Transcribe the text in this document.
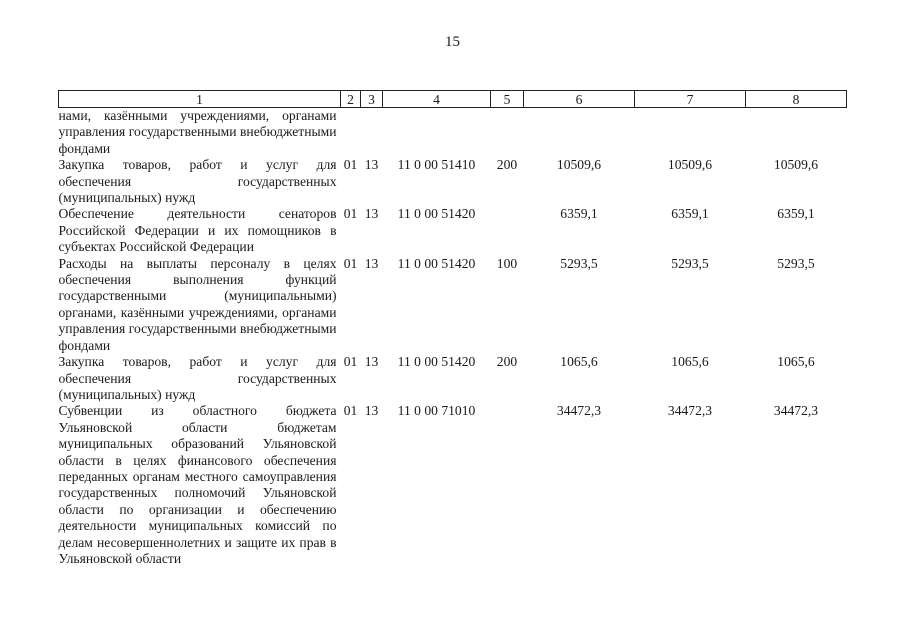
15
1	2	3	4	5	6	7	8
нами, казёнными учреждениями, органами управления государственными внебюджетными фондами							
Закупка товаров, работ и услуг для обеспечения государственных (муниципальных) нужд	01	13	11 0 00 51410	200	10509,6	10509,6	10509,6
Обеспечение деятельности сенаторов Российской Федерации и их помощников в субъектах Российской Федерации	01	13	11 0 00 51420		6359,1	6359,1	6359,1
Расходы на выплаты персоналу в целях обеспечения выполнения функций государственными (муниципальными) органами, казёнными учреждениями, органами управления государственными внебюджетными фондами	01	13	11 0 00 51420	100	5293,5	5293,5	5293,5
Закупка товаров, работ и услуг для обеспечения государственных (муниципальных) нужд	01	13	11 0 00 51420	200	1065,6	1065,6	1065,6
Субвенции из областного бюджета Ульяновской области бюджетам муниципальных образований Ульяновской области в целях финансового обеспечения переданных органам местного самоуправления государственных полномочий Ульяновской области по организации и обеспечению деятельности муниципальных комиссий по делам несовершеннолетних и защите их прав в Ульяновской области	01	13	11 0 00 71010		34472,3	34472,3	34472,3
